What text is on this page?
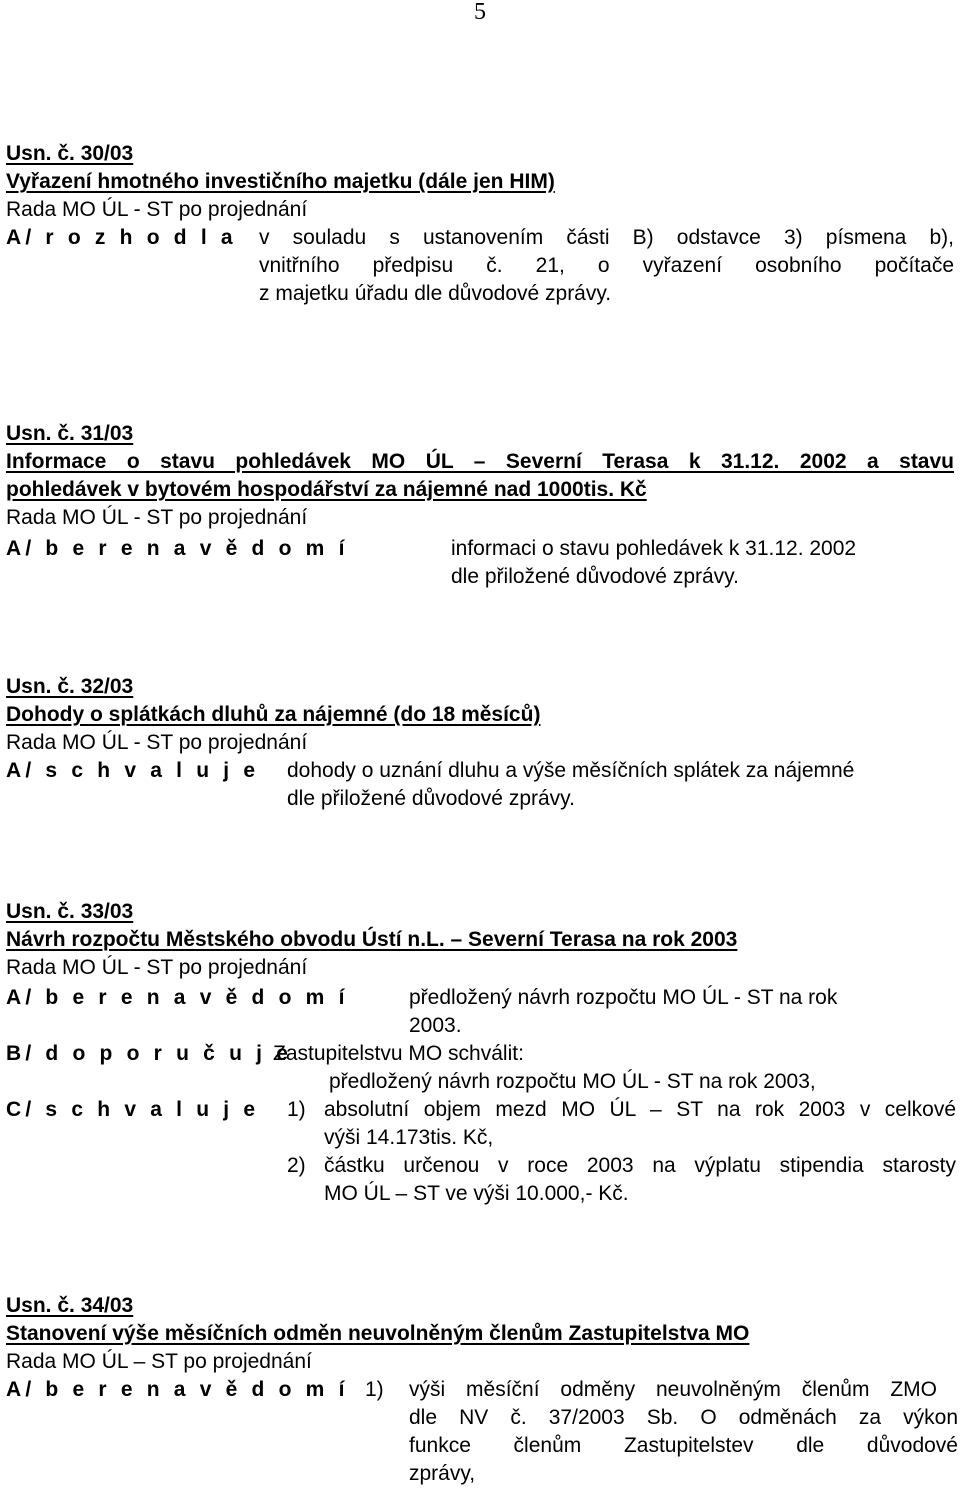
5
Usn. č. 30/03
Vyřazení hmotného investičního majetku (dále jen HIM)
Rada MO ÚL - ST po projednání
A/ r o z h o d l a v souladu s ustanovením části B) odstavce 3) písmena b),
vnitřního předpisu č. 21, o vyřazení osobního počítače
z majetku úřadu dle důvodové zprávy.
Usn. č. 31/03
Informace o stavu pohledávek MO ÚL – Severní Terasa k 31.12. 2002 a stavu
pohledávek v bytovém hospodářství za nájemné nad 1000tis. Kč
Rada MO ÚL - ST po projednání
A/ b e r e n a v ě d o m í	informaci o stavu pohledávek k 31.12. 2002
dle přiložené důvodové zprávy.
Usn. č. 32/03
Dohody o splátkách dluhů za nájemné (do 18 měsíců)
Rada MO ÚL - ST po projednání
A/ s c h v a l u j e dohody o uznání dluhu a výše měsíčních splátek za nájemné
dle přiložené důvodové zprávy.
Usn. č. 33/03
Návrh rozpočtu Městského obvodu Ústí n.L. – Severní Terasa na rok 2003
Rada MO ÚL - ST po projednání
A/ b e r e n a v ě d o m í	předložený návrh rozpočtu MO ÚL - ST na rok
2003.
B/ d o p o r u č u j e
Zastupitelstvu MO schválit:
předložený návrh rozpočtu MO ÚL - ST na rok 2003,
C/ s c h v a l u j e 1) absolutní objem mezd MO ÚL – ST na rok 2003 v celkové
výši 14.173tis. Kč,
2) částku určenou v roce 2003 na výplatu stipendia starosty
MO ÚL – ST ve výši 10.000,- Kč.
Usn. č. 34/03
Stanovení výše měsíčních odměn neuvolněným členům Zastupitelstva MO
Rada MO ÚL – ST po projednání
A/ b e r e n a v ě d o m í 1) výši měsíční odměny neuvolněným členům ZMO
dle NV č. 37/2003 Sb. O odměnách za výkon
funkce členům Zastupitelstev dle důvodové
zprávy,
